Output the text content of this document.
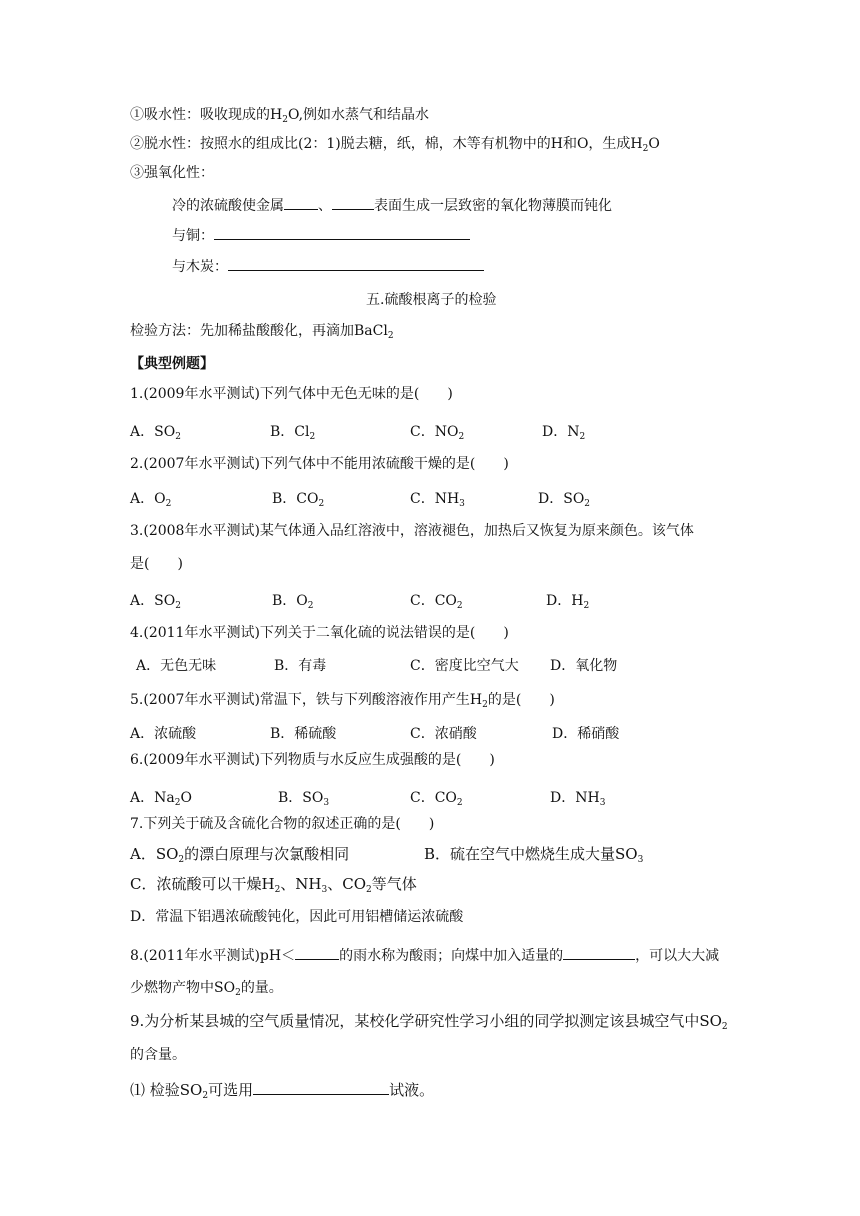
①吸水性：吸收现成的$H_2O$,例如水蒸气和结晶水
②脱水性：按照水的组成比(2：1)脱去糖，纸，棉，木等有机物中的H和O，生成$H_2O$
③强氧化性：
冷的浓硫酸使金属 、	表面生成一层致密的氧化物薄膜而钝化
与铜：
与木炭：
五.硫酸根离子的检验
检验方法：先加稀盐酸酸化，再滴加BaCl$_2$
【典型例题】
1.(2009年水平测试)下列气体中无色无味的是(　　)
A．$SO_2$	B．$Cl_2$	C．$NO_2$	D．$N_2$
2.(2007年水平测试)下列气体中不能用浓硫酸干燥的是(　　)
A．$O_2$	B．$CO_2$	C．$NH_3$	D．$SO_2$
3.(2008年水平测试)某气体通入品红溶液中，溶液褪色，加热后又恢复为原来颜色。该气体
是(　　)
A．$SO_2$	B．$O_2$	C．$CO_2$	D．$H_2$
4.(2011年水平测试)下列关于二氧化硫的说法错误的是(　　)
A．无色无味	B．有毒	C．密度比空气大 D．氧化物
5.(2007年水平测试)常温下，铁与下列酸溶液作用产生$H_2$的是(　　)
A．浓硫酸	B．稀硫酸	C．浓硝酸	D．稀硝酸
6.(2009年水平测试)下列物质与水反应生成强酸的是(　　)
A．$Na_2O$	B．$SO_3$	C．$CO_2$	D．$NH_3$
7.下列关于硫及含硫化合物的叙述正确的是(　　)
A．$SO_2$的漂白原理与次氯酸相同	B．硫在空气中燃烧生成大量$SO_3$
C．浓硫酸可以干燥$H_2$、$NH_3$、$CO_2$等气体
D．常温下铝遇浓硫酸钝化，因此可用铝槽储运浓硫酸
8.(2011年水平测试)pH＜	的雨水称为酸雨；向煤中加入适量的	，可以大大减
少燃物产物中$SO_2$的量。
9.为分析某县城的空气质量情况，某校化学研究性学习小组的同学拟测定该县城空气中$SO_2$
的含量。
⑴ 检验$SO_2$可选用	试液。
